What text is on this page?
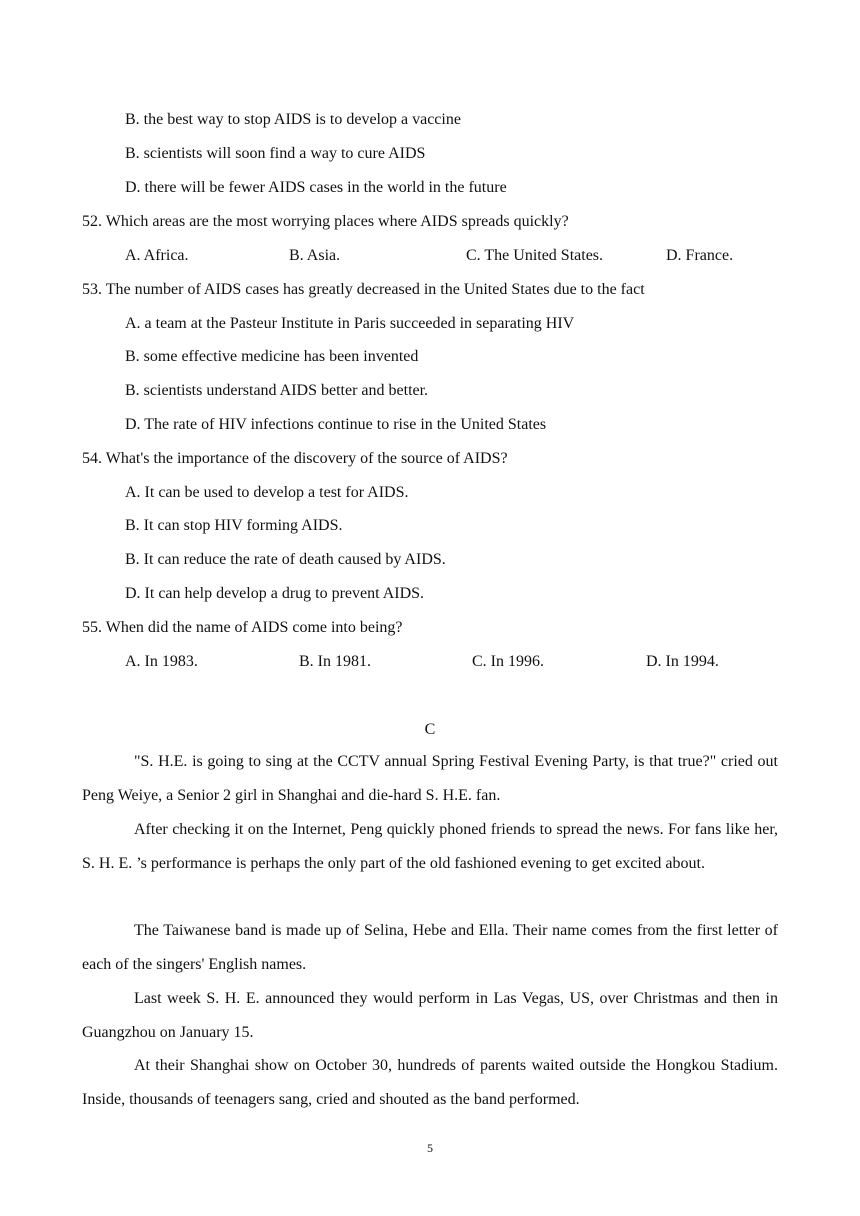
B. the best way to stop AIDS is to develop a vaccine
B. scientists will soon find a way to cure AIDS
D. there will be fewer AIDS cases in the world in the future
52. Which areas are the most worrying places where AIDS spreads quickly?
A. Africa.	B. Asia.	C. The United States.	D. France.
53. The number of AIDS cases has greatly decreased in the United States due to the fact
A. a team at the Pasteur Institute in Paris succeeded in separating HIV
B. some effective medicine has been invented
B. scientists understand AIDS better and better.
D. The rate of HIV infections continue to rise in the United States
54. What's the importance of the discovery of the source of AIDS?
A. It can be used to develop a test for AIDS.
B. It can stop HIV forming AIDS.
B. It can reduce the rate of death caused by AIDS.
D. It can help develop a drug to prevent AIDS.
55. When did the name of AIDS come into being?
A. In 1983.	B. In 1981.	C. In 1996.	D. In 1994.
C
"S. H.E. is going to sing at the CCTV annual Spring Festival Evening Party, is that true?" cried out Peng Weiye, a Senior 2 girl in Shanghai and die-hard S. H.E. fan.
After checking it on the Internet, Peng quickly phoned friends to spread the news. For fans like her, S. H. E. ’s performance is perhaps the only part of the old fashioned evening to get excited about.
The Taiwanese band is made up of Selina, Hebe and Ella. Their name comes from the first letter of each of the singers' English names.
Last week S. H. E. announced they would perform in Las Vegas, US, over Christmas and then in Guangzhou on January 15.
At their Shanghai show on October 30, hundreds of parents waited outside the Hongkou Stadium. Inside, thousands of teenagers sang, cried and shouted as the band performed.
5
